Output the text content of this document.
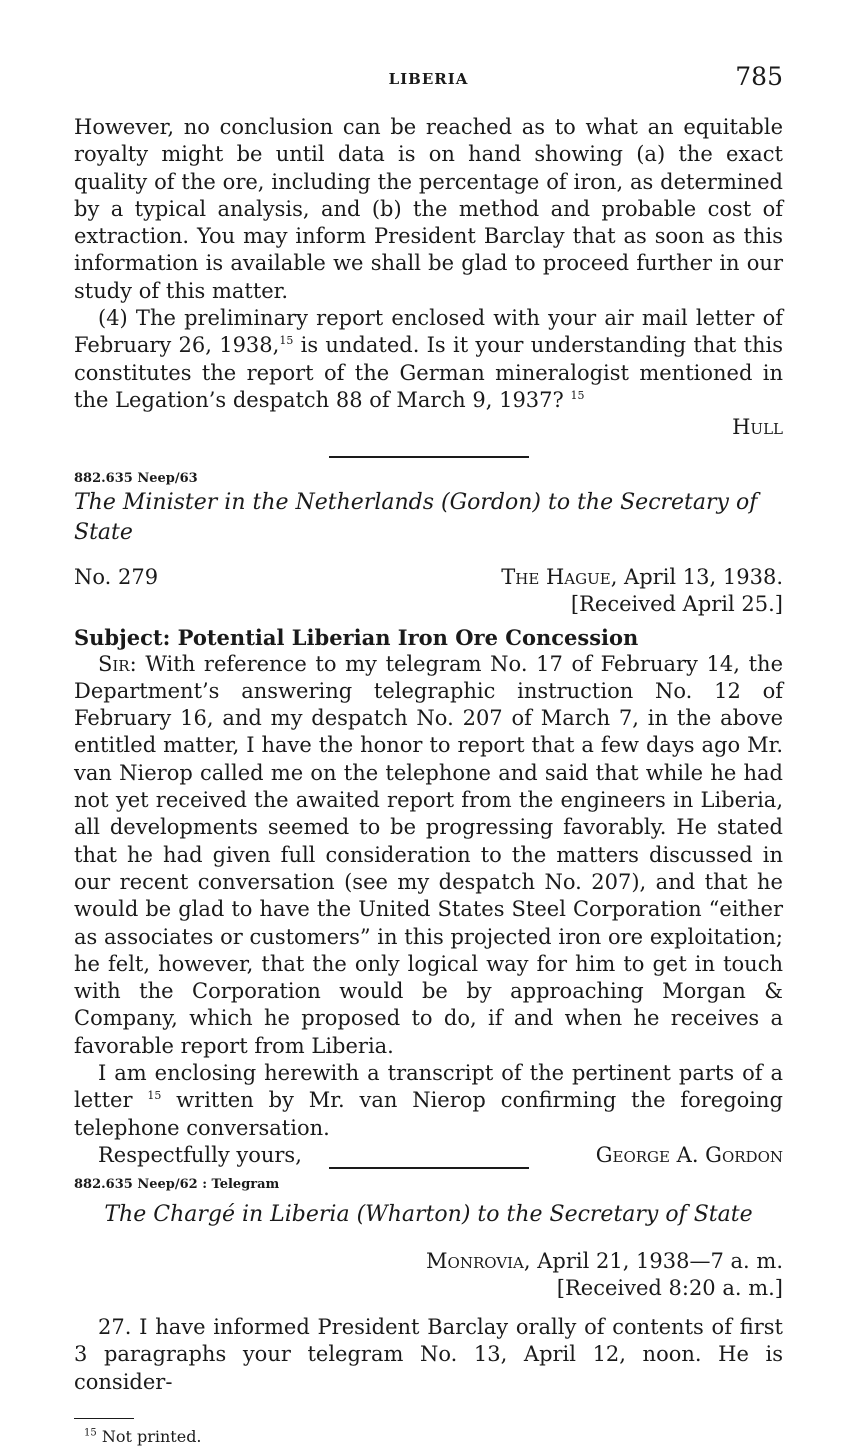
LIBERIA	785

However, no conclusion can be reached as to what an equitable royalty might be until data is on hand showing (a) the exact quality of the ore, including the percentage of iron, as determined by a typical analysis, and (b) the method and probable cost of extraction. You may inform President Barclay that as soon as this information is available we shall be glad to proceed further in our study of this matter.

(4) The preliminary report enclosed with your air mail letter of February 26, 1938,15 is undated. Is it your understanding that this constitutes the report of the German mineralogist mentioned in the Legation’s despatch 88 of March 9, 1937? $^{15}$

Hull

882.635 Neep/63
The Minister in the Netherlands (Gordon) to the Secretary of State
No. 279	The Hague, April 13, 1938.
[Received April 25.]
Subject: Potential Liberian Iron Ore Concession

Sir: With reference to my telegram No. 17 of February 14, the Department’s answering telegraphic instruction No. 12 of February 16, and my despatch No. 207 of March 7, in the above entitled matter, I have the honor to report that a few days ago Mr. van Nierop called me on the telephone and said that while he had not yet received the awaited report from the engineers in Liberia, all developments seemed to be progressing favorably. He stated that he had given full consideration to the matters discussed in our recent conversation (see my despatch No. 207), and that he would be glad to have the United States Steel Corporation “either as associates or customers” in this projected iron ore exploitation; he felt, however, that the only logical way for him to get in touch with the Corporation would be by approaching Morgan & Company, which he proposed to do, if and when he receives a favorable report from Liberia.

I am enclosing herewith a transcript of the pertinent parts of a letter $^{15}$ written by Mr. van Nierop confirming the foregoing telephone conversation.

Respectfully yours,	George A. Gordon
882.635 Neep/62 : Telegram
The Chargé in Liberia (Wharton) to the Secretary of State
Monrovia, April 21, 1938—7 a. m.
[Received 8:20 a. m.]

27. I have informed President Barclay orally of contents of first 3 paragraphs your telegram No. 13, April 12, noon. He is consider-

$^{15}$ Not printed.
